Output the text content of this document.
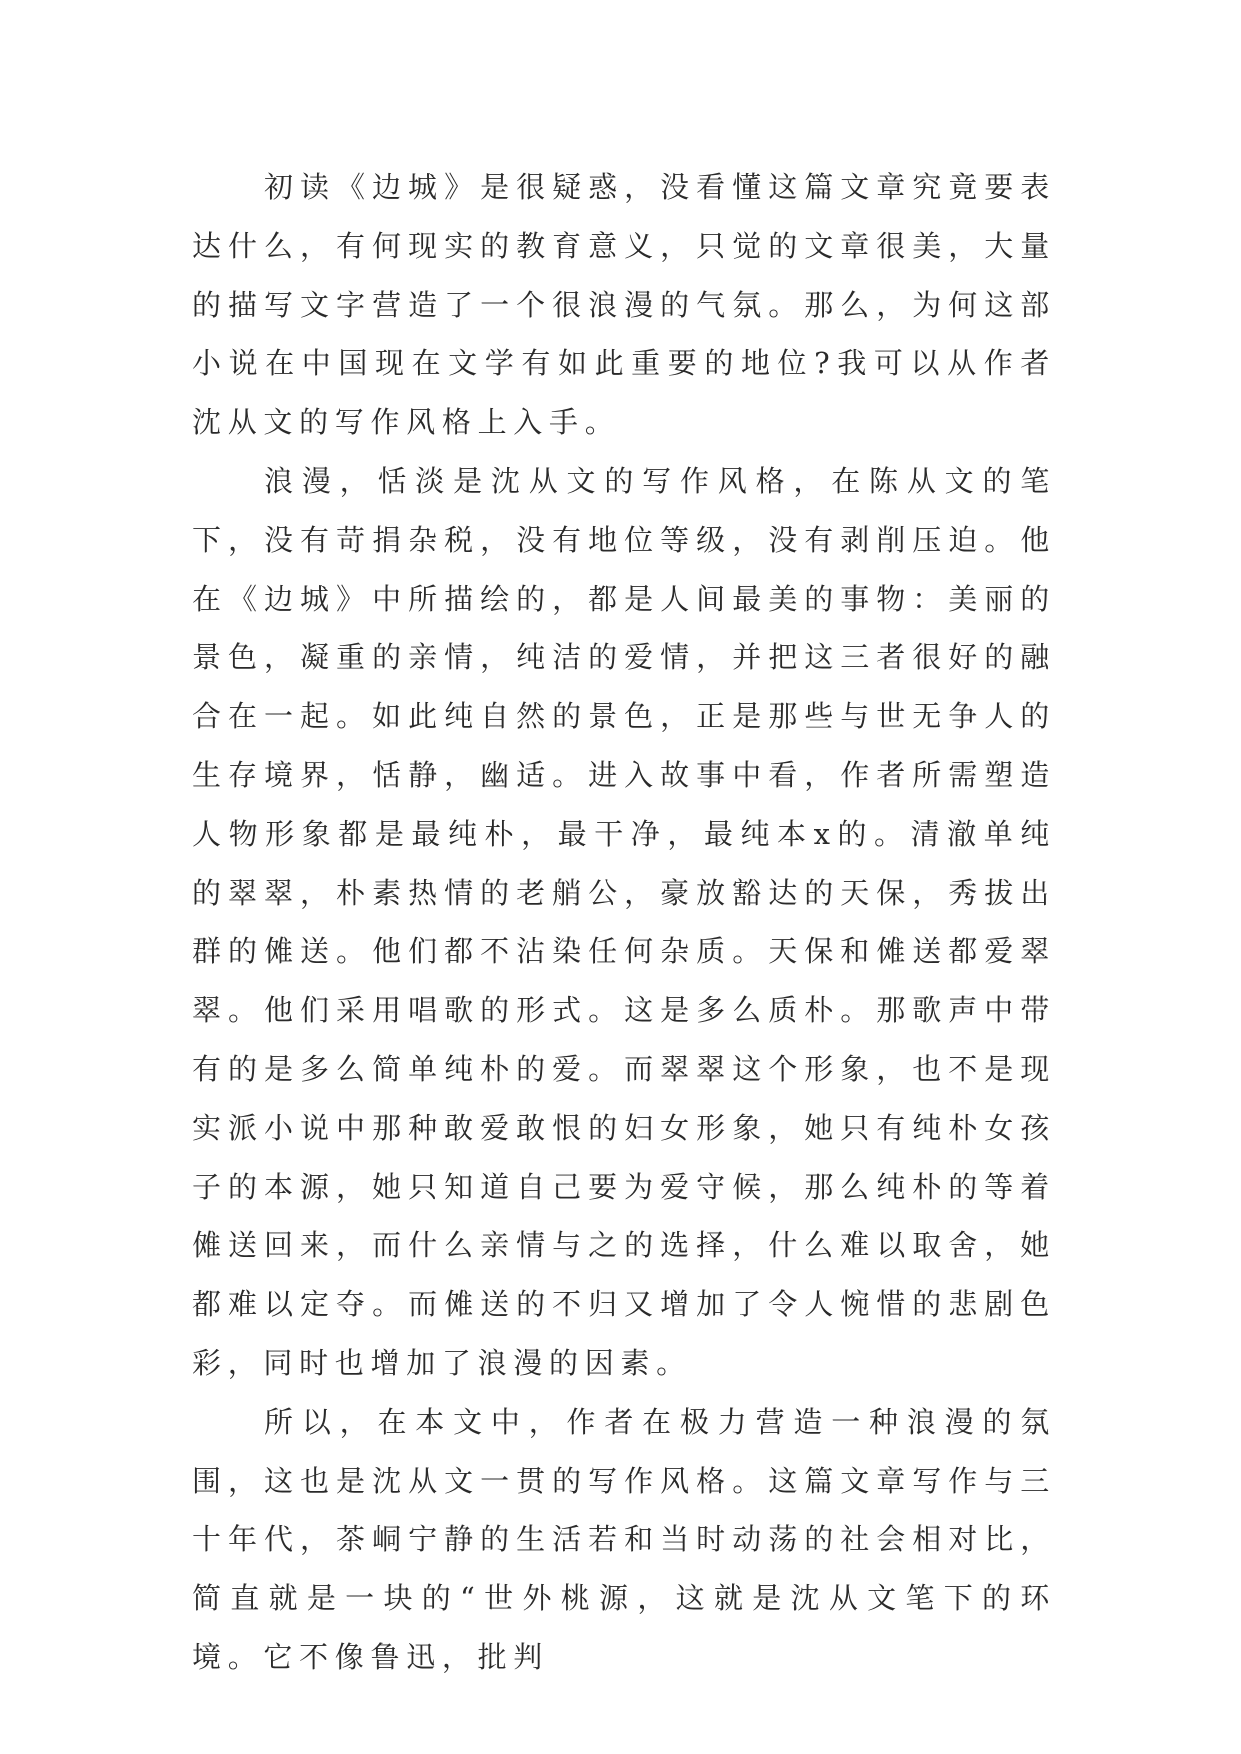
初读《边城》是很疑惑，没看懂这篇文章究竟要表达什么，有何现实的教育意义，只觉的文章很美，大量的描写文字营造了一个很浪漫的气氛。那么，为何这部小说在中国现在文学有如此重要的地位?我可以从作者沈从文的写作风格上入手。

浪漫，恬淡是沈从文的写作风格，在陈从文的笔下，没有苛捐杂税，没有地位等级，没有剥削压迫。他在《边城》中所描绘的，都是人间最美的事物：美丽的景色，凝重的亲情，纯洁的爱情，并把这三者很好的融合在一起。如此纯自然的景色，正是那些与世无争人的生存境界，恬静，幽适。进入故事中看，作者所需塑造人物形象都是最纯朴，最干净，最纯本x的。清澈单纯的翠翠，朴素热情的老艄公，豪放豁达的天保，秀拔出群的傩送。他们都不沾染任何杂质。天保和傩送都爱翠翠。他们采用唱歌的形式。这是多么质朴。那歌声中带有的是多么简单纯朴的爱。而翠翠这个形象，也不是现实派小说中那种敢爱敢恨的妇女形象，她只有纯朴女孩子的本源，她只知道自己要为爱守候，那么纯朴的等着傩送回来，而什么亲情与之的选择，什么难以取舍，她都难以定夺。而傩送的不归又增加了令人惋惜的悲剧色彩，同时也增加了浪漫的因素。

所以，在本文中，作者在极力营造一种浪漫的氛围，这也是沈从文一贯的写作风格。这篇文章写作与三十年代，茶峒宁静的生活若和当时动荡的社会相对比，简直就是一块的“世外桃源，这就是沈从文笔下的环境。它不像鲁迅，批判
